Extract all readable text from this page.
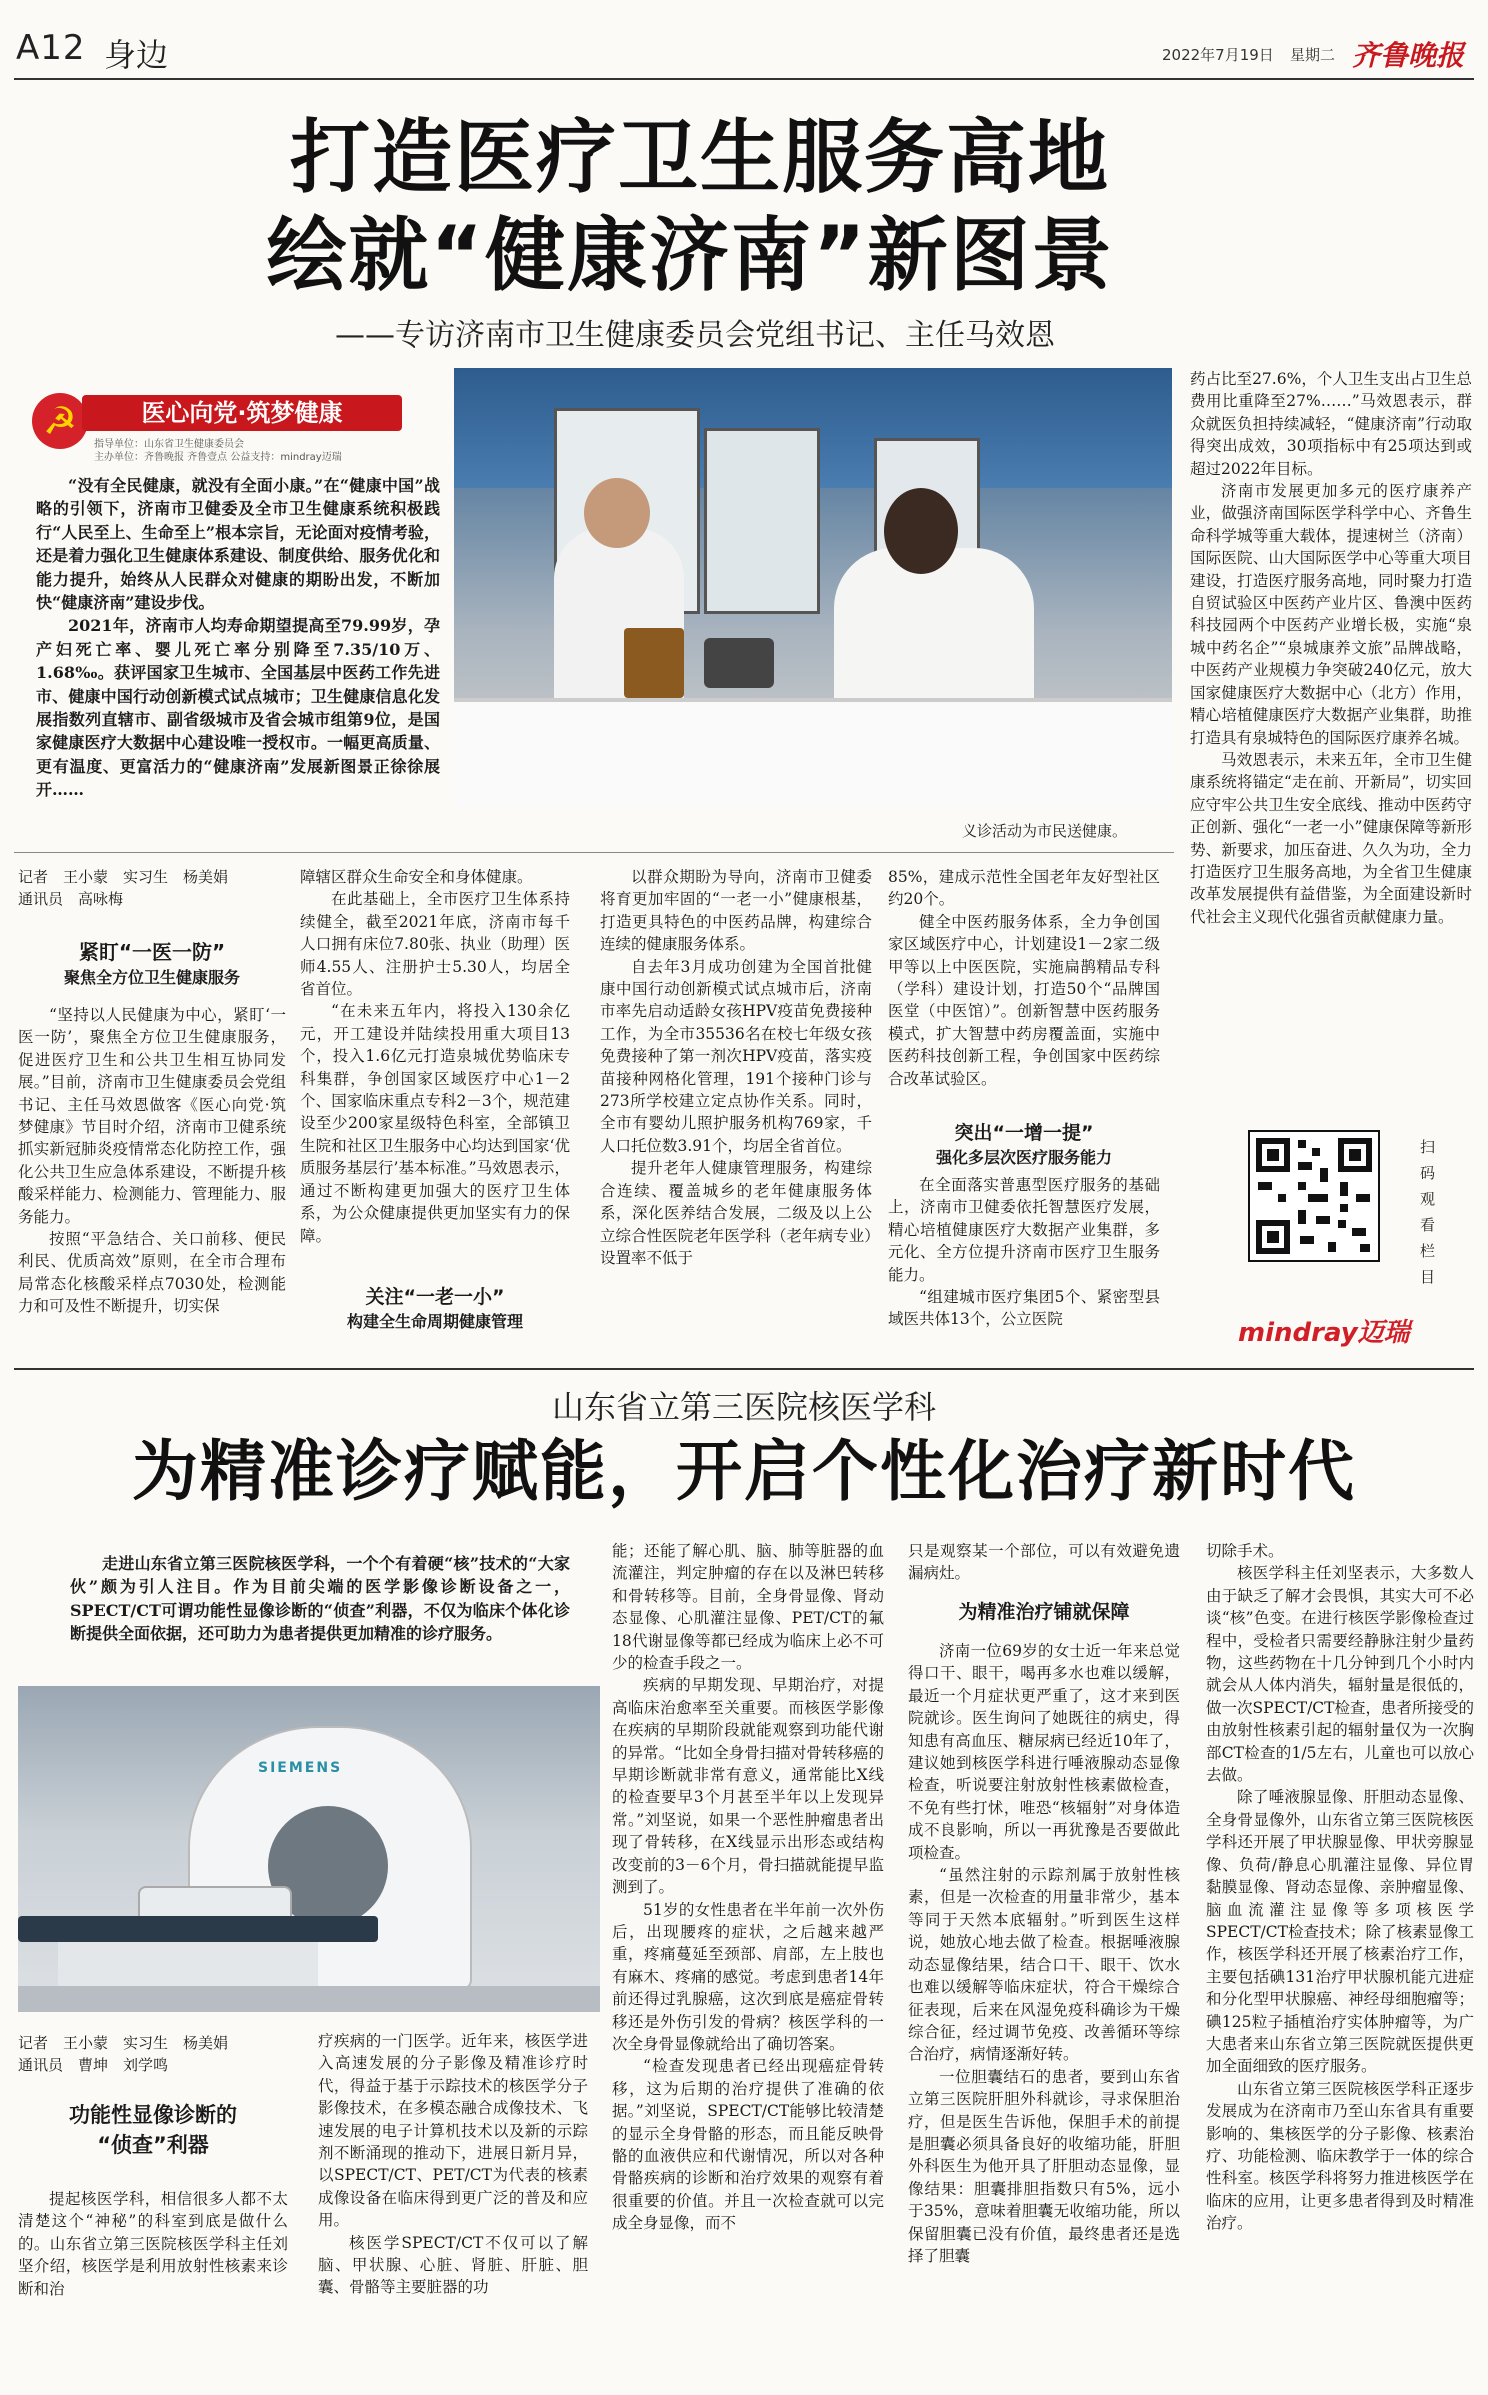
A12 身边	2022年7月19日 星期二 齐鲁晚报
打造医疗卫生服务高地
绘就“健康济南”新图景
——专访济南市卫生健康委员会党组书记、主任马效恩
☭	医心向党·筑梦健康
指导单位：山东省卫生健康委员会
主办单位：齐鲁晚报 齐鲁壹点 公益支持：mindray迈瑞

“没有全民健康，就没有全面小康。”在“健康中国”战略的引领下，济南市卫健委及全市卫生健康系统积极践行“人民至上、生命至上”根本宗旨，无论面对疫情考验，还是着力强化卫生健康体系建设、制度供给、服务优化和能力提升，始终从人民群众对健康的期盼出发，不断加快“健康济南”建设步伐。

2021年，济南市人均寿命期望提高至79.99岁，孕产妇死亡率、婴儿死亡率分别降至7.35/10万、1.68‰。获评国家卫生城市、全国基层中医药工作先进市、健康中国行动创新模式试点城市；卫生健康信息化发展指数列直辖市、副省级城市及省会城市组第9位，是国家健康医疗大数据中心建设唯一授权市。一幅更高质量、更有温度、更富活力的“健康济南”发展新图景正徐徐展开……

义诊活动为市民送健康。
记者　王小蒙　实习生　杨美娟
通讯员　高咏梅
紧盯“一医一防”
聚焦全方位卫生健康服务

“坚持以人民健康为中心，紧盯‘一医一防’，聚焦全方位卫生健康服务，促进医疗卫生和公共卫生相互协同发展。”目前，济南市卫生健康委员会党组书记、主任马效恩做客《医心向党·筑梦健康》节目时介绍，济南市卫健系统抓实新冠肺炎疫情常态化防控工作，强化公共卫生应急体系建设，不断提升核酸采样能力、检测能力、管理能力、服务能力。

按照“平急结合、关口前移、便民利民、优质高效”原则，在全市合理布局常态化核酸采样点7030处，检测能力和可及性不断提升，切实保

障辖区群众生命安全和身体健康。

在此基础上，全市医疗卫生体系持续健全，截至2021年底，济南市每千人口拥有床位7.80张、执业（助理）医师4.55人、注册护士5.30人，均居全省首位。

“在未来五年内，将投入130余亿元，开工建设并陆续投用重大项目13个，投入1.6亿元打造泉城优势临床专科集群，争创国家区域医疗中心1－2个、国家临床重点专科2－3个，规范建设至少200家星级特色科室，全部镇卫生院和社区卫生服务中心均达到国家‘优质服务基层行’基本标准。”马效恩表示，通过不断构建更加强大的医疗卫生体系，为公众健康提供更加坚实有力的保障。

关注“一老一小”
构建全生命周期健康管理

以群众期盼为导向，济南市卫健委将育更加牢固的“一老一小”健康根基，打造更具特色的中医药品牌，构建综合连续的健康服务体系。

自去年3月成功创建为全国首批健康中国行动创新模式试点城市后，济南市率先启动适龄女孩HPV疫苗免费接种工作，为全市35536名在校七年级女孩免费接种了第一剂次HPV疫苗，落实疫苗接种网格化管理，191个接种门诊与273所学校建立定点协作关系。同时，全市有婴幼儿照护服务机构769家，千人口托位数3.91个，均居全省首位。

提升老年人健康管理服务，构建综合连续、覆盖城乡的老年健康服务体系，深化医养结合发展，二级及以上公立综合性医院老年医学科（老年病专业）设置率不低于

85%，建成示范性全国老年友好型社区约20个。

健全中医药服务体系，全力争创国家区域医疗中心，计划建设1－2家二级甲等以上中医医院，实施扁鹊精品专科（学科）建设计划，打造50个“品牌国医堂（中医馆）”。创新智慧中医药服务模式，扩大智慧中药房覆盖面，实施中医药科技创新工程，争创国家中医药综合改革试验区。

突出“一增一提”
强化多层次医疗服务能力

在全面落实普惠型医疗服务的基础上，济南市卫健委依托智慧医疗发展，精心培植健康医疗大数据产业集群，多元化、全方位提升济南市医疗卫生服务能力。

“组建城市医疗集团5个、紧密型县域医共体13个，公立医院

药占比至27.6%，个人卫生支出占卫生总费用比重降至27%……”马效恩表示，群众就医负担持续减轻，“健康济南”行动取得突出成效，30项指标中有25项达到或超过2022年目标。

济南市发展更加多元的医疗康养产业，做强济南国际医学科学中心、齐鲁生命科学城等重大载体，提速树兰（济南）国际医院、山大国际医学中心等重大项目建设，打造医疗服务高地，同时聚力打造自贸试验区中医药产业片区、鲁澳中医药科技园两个中医药产业增长极，实施“泉城中药名企”“泉城康养文旅”品牌战略，中医药产业规模力争突破240亿元，放大国家健康医疗大数据中心（北方）作用，精心培植健康医疗大数据产业集群，助推打造具有泉城特色的国际医疗康养名城。

马效恩表示，未来五年，全市卫生健康系统将锚定“走在前、开新局”，切实回应守牢公共卫生安全底线、推动中医药守正创新、强化“一老一小”健康保障等新形势、新要求，加压奋进、久久为功，全力打造医疗卫生服务高地，为全省卫生健康改革发展提供有益借鉴，为全面建设新时代社会主义现代化强省贡献健康力量。

扫码观看栏目
mindray迈瑞
山东省立第三医院核医学科
为精准诊疗赋能，开启个性化治疗新时代

走进山东省立第三医院核医学科，一个个有着硬“核”技术的“大家伙”颇为引人注目。作为目前尖端的医学影像诊断设备之一，SPECT/CT可谓功能性显像诊断的“侦查”利器，不仅为临床个体化诊断提供全面依据，还可助力为患者提供更加精准的诊疗服务。

SIEMENS
记者　王小蒙　实习生　杨美娟
通讯员　曹坤　刘学鸣
功能性显像诊断的
“侦查”利器

提起核医学科，相信很多人都不太清楚这个“神秘”的科室到底是做什么的。山东省立第三医院核医学科主任刘坚介绍，核医学是利用放射性核素来诊断和治

疗疾病的一门医学。近年来，核医学进入高速发展的分子影像及精准诊疗时代，得益于基于示踪技术的核医学分子影像技术，在多模态融合成像技术、飞速发展的电子计算机技术以及新的示踪剂不断涌现的推动下，进展日新月异，以SPECT/CT、PET/CT为代表的核素成像设备在临床得到更广泛的普及和应用。

核医学SPECT/CT不仅可以了解脑、甲状腺、心脏、肾脏、肝脏、胆囊、骨骼等主要脏器的功

能；还能了解心肌、脑、肺等脏器的血流灌注，判定肿瘤的存在以及淋巴转移和骨转移等。目前，全身骨显像、肾动态显像、心肌灌注显像、PET/CT的氟18代谢显像等都已经成为临床上必不可少的检查手段之一。

疾病的早期发现、早期治疗，对提高临床治愈率至关重要。而核医学影像在疾病的早期阶段就能观察到功能代谢的异常。“比如全身骨扫描对骨转移癌的早期诊断就非常有意义，通常能比X线的检查要早3个月甚至半年以上发现异常。”刘坚说，如果一个恶性肿瘤患者出现了骨转移，在X线显示出形态或结构改变前的3－6个月，骨扫描就能提早监测到了。

51岁的女性患者在半年前一次外伤后，出现腰疼的症状，之后越来越严重，疼痛蔓延至颈部、肩部，左上肢也有麻木、疼痛的感觉。考虑到患者14年前还得过乳腺癌，这次到底是癌症骨转移还是外伤引发的骨病？核医学科的一次全身骨显像就给出了确切答案。

“检查发现患者已经出现癌症骨转移，这为后期的治疗提供了准确的依据。”刘坚说，SPECT/CT能够比较清楚的显示全身骨骼的形态，而且能反映骨骼的血液供应和代谢情况，所以对各种骨骼疾病的诊断和治疗效果的观察有着很重要的价值。并且一次检查就可以完成全身显像，而不

只是观察某一个部位，可以有效避免遗漏病灶。

为精准治疗铺就保障

济南一位69岁的女士近一年来总觉得口干、眼干，喝再多水也难以缓解，最近一个月症状更严重了，这才来到医院就诊。医生询问了她既往的病史，得知患有高血压、糖尿病已经近10年了，建议她到核医学科进行唾液腺动态显像检查，听说要注射放射性核素做检查，不免有些打怵，唯恐“核辐射”对身体造成不良影响，所以一再犹豫是否要做此项检查。

“虽然注射的示踪剂属于放射性核素，但是一次检查的用量非常少，基本等同于天然本底辐射。”听到医生这样说，她放心地去做了检查。根据唾液腺动态显像结果，结合口干、眼干、饮水也难以缓解等临床症状，符合干燥综合征表现，后来在风湿免疫科确诊为干燥综合征，经过调节免疫、改善循环等综合治疗，病情逐渐好转。

一位胆囊结石的患者，要到山东省立第三医院肝胆外科就诊，寻求保胆治疗，但是医生告诉他，保胆手术的前提是胆囊必须具备良好的收缩功能，肝胆外科医生为他开具了肝胆动态显像，显像结果：胆囊排胆指数只有5%，远小于35%，意味着胆囊无收缩功能，所以保留胆囊已没有价值，最终患者还是选择了胆囊

切除手术。

核医学科主任刘坚表示，大多数人由于缺乏了解才会畏惧，其实大可不必谈“核”色变。在进行核医学影像检查过程中，受检者只需要经静脉注射少量药物，这些药物在十几分钟到几个小时内就会从人体内消失，辐射量是很低的，做一次SPECT/CT检查，患者所接受的由放射性核素引起的辐射量仅为一次胸部CT检查的1/5左右，儿童也可以放心去做。

除了唾液腺显像、肝胆动态显像、全身骨显像外，山东省立第三医院核医学科还开展了甲状腺显像、甲状旁腺显像、负荷/静息心肌灌注显像、异位胃黏膜显像、肾动态显像、亲肿瘤显像、脑血流灌注显像等多项核医学SPECT/CT检查技术；除了核素显像工作，核医学科还开展了核素治疗工作，主要包括碘131治疗甲状腺机能亢进症和分化型甲状腺癌、神经母细胞瘤等；碘125粒子插植治疗实体肿瘤等，为广大患者来山东省立第三医院就医提供更加全面细致的医疗服务。

山东省立第三医院核医学科正逐步发展成为在济南市乃至山东省具有重要影响的、集核医学的分子影像、核素治疗、功能检测、临床教学于一体的综合性科室。核医学科将努力推进核医学在临床的应用，让更多患者得到及时精准治疗。
